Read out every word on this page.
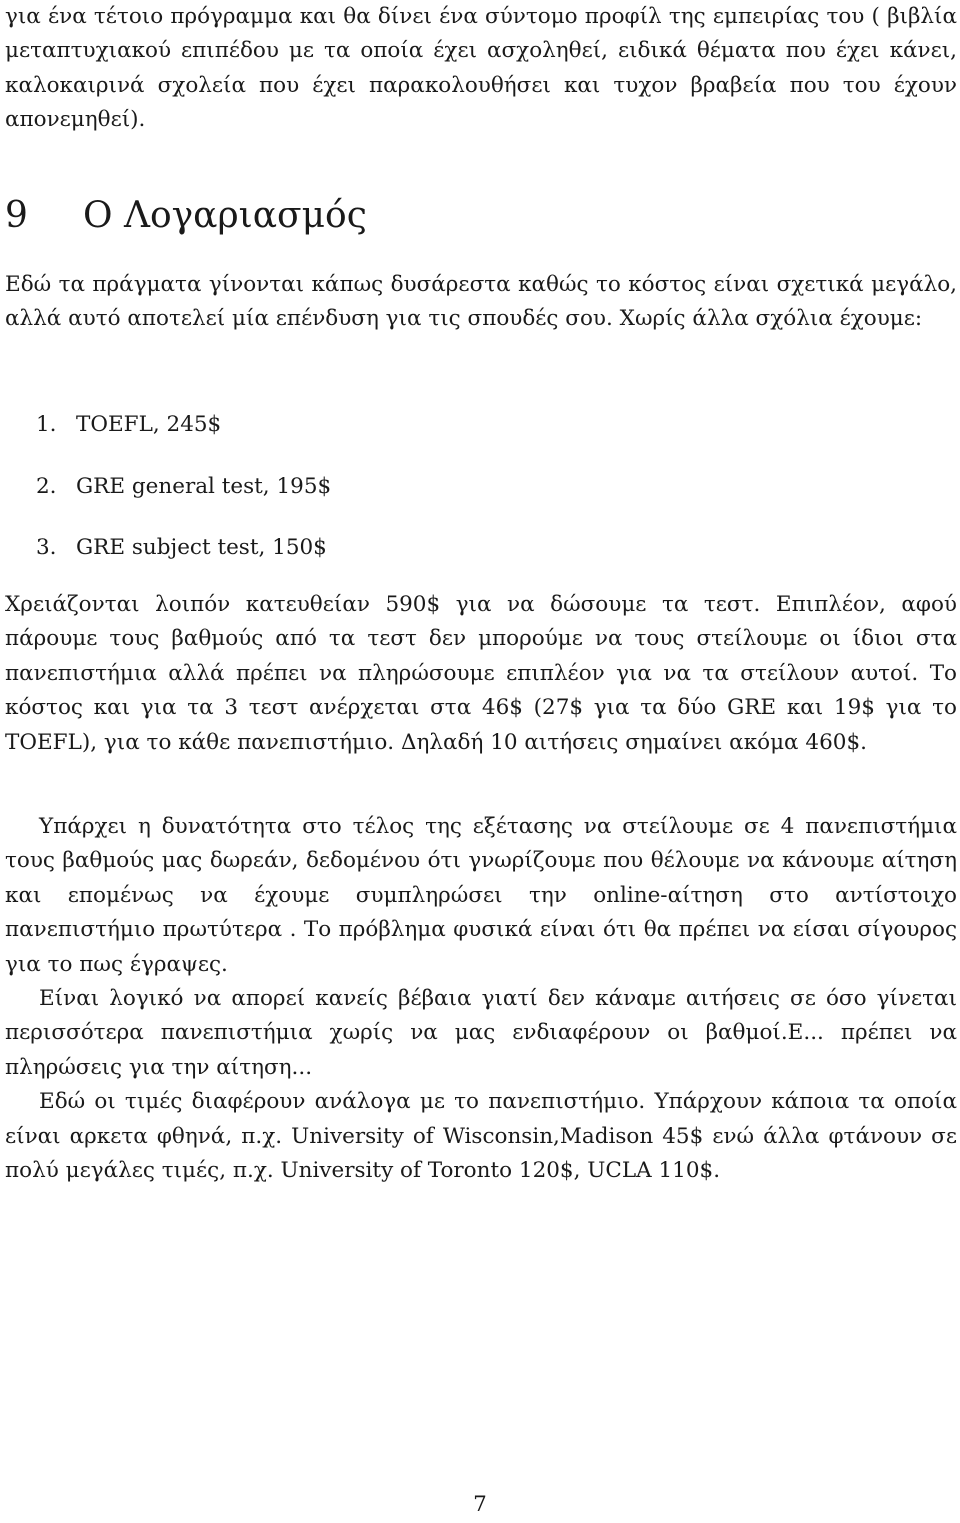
για ένα τέτοιο πρόγραμμα και θα δίνει ένα σύντομο προφίλ της εμπειρίας του ( βιβλία μεταπτυχιακού επιπέδου με τα οποία έχει ασχοληθεί, ειδικά θέματα που έχει κάνει, καλοκαιρινά σχολεία που έχει παρακολουθήσει και τυχον βραβεία που του έχουν απονεμηθεί).
9 Ο Λογαριασμός
Εδώ τα πράγματα γίνονται κάπως δυσάρεστα καθώς το κόστος είναι σχετικά μεγάλο, αλλά αυτό αποτελεί μία επένδυση για τις σπουδές σου. Χωρίς άλλα σχόλια έχουμε:
1. TOEFL, 245$
2. GRE general test, 195$
3. GRE subject test, 150$

Χρειάζονται λοιπόν κατευθείαν 590$ για να δώσουμε τα τεστ. Επιπλέον, αφού πάρουμε τους βαθμούς από τα τεστ δεν μπορούμε να τους στείλουμε οι ίδιοι στα πανεπιστήμια αλλά πρέπει να πληρώσουμε επιπλέον για να τα στείλουν αυτοί. Το κόστος και για τα 3 τεστ ανέρχεται στα 46$ (27$ για τα δύο GRE και 19$ για το TOEFL), για το κάθε πανεπιστήμιο. Δηλαδή 10 αιτήσεις σημαίνει ακόμα 460$.

Υπάρχει η δυνατότητα στο τέλος της εξέτασης να στείλουμε σε 4 πανεπιστήμια τους βαθμούς μας δωρεάν, δεδομένου ότι γνωρίζουμε που θέλουμε να κάνουμε αίτηση και επομένως να έχουμε συμπληρώσει την online-αίτηση στο αντίστοιχο πανεπιστήμιο πρωτύτερα . Το πρόβλημα φυσικά είναι ότι θα πρέπει να είσαι σίγουρος για το πως έγραψες.

Είναι λογικό να απορεί κανείς βέβαια γιατί δεν κάναμε αιτήσεις σε όσο γίνεται περισσότερα πανεπιστήμια χωρίς να μας ενδιαφέρουν οι βαθμοί.Ε... πρέπει να πληρώσεις για την αίτηση...

Εδώ οι τιμές διαφέρουν ανάλογα με το πανεπιστήμιο. Υπάρχουν κάποια τα οποία είναι αρκετα φθηνά, π.χ. University of Wisconsin,Madison 45$ ενώ άλλα φτάνουν σε πολύ μεγάλες τιμές, π.χ. University of Toronto 120$, UCLA 110$.

7
